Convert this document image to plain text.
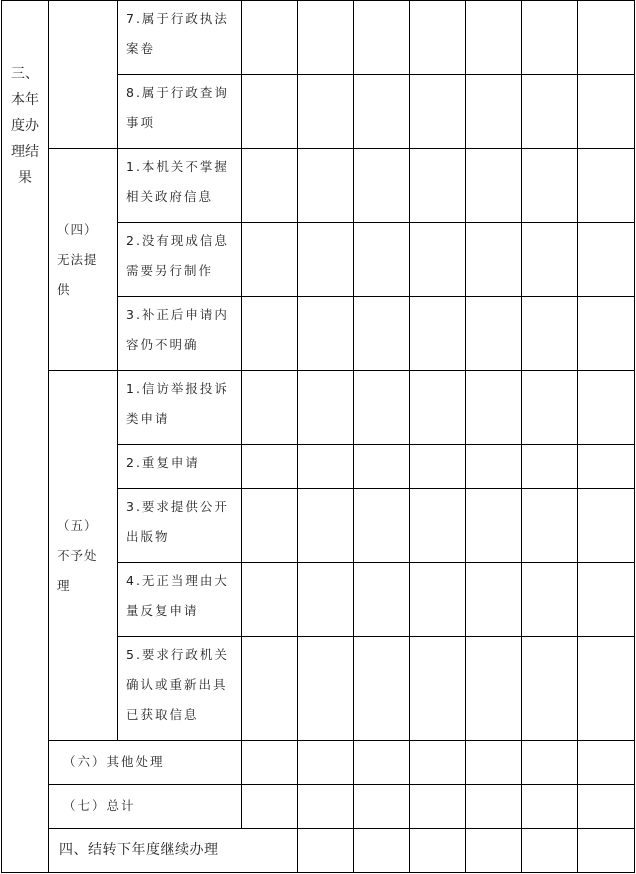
三、本年度办理结果		7.属于行政执法案卷								

		8.属于行政查询事项								

	（四）无法提供	1.本机关不掌握相关政府信息								

		2.没有现成信息需要另行制作								

		3.补正后申请内容仍不明确								

	（五）不予处理	1.信访举报投诉类申请								

		2.重复申请								

		3.要求提供公开出版物								

		4.无正当理由大量反复申请								

		5.要求行政机关确认或重新出具已获取信息								

	（六）其他处理									

	（七）总计									

	四、结转下年度继续办理									
